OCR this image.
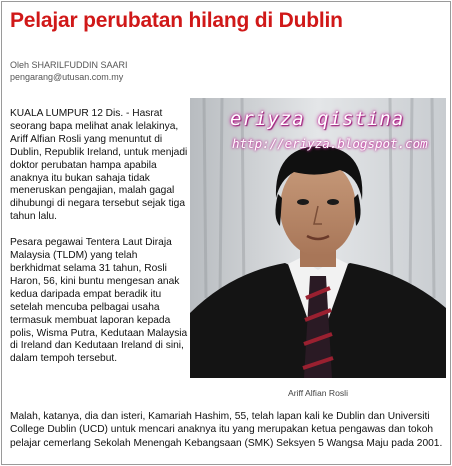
Pelajar perubatan hilang di Dublin
Oleh SHARILFUDDIN SAARI
pengarang@utusan.com.my

KUALA LUMPUR 12 Dis. - Hasrat seorang bapa melihat anak lelakinya, Ariff Alfian Rosli yang menuntut di Dublin, Republik Ireland, untuk menjadi doktor perubatan hampa apabila anaknya itu bukan sahaja tidak meneruskan pengajian, malah gagal dihubungi di negara tersebut sejak tiga tahun lalu.

Pesara pegawai Tentera Laut Diraja Malaysia (TLDM) yang telah berkhidmat selama 31 tahun, Rosli Haron, 56, kini buntu mengesan anak kedua daripada empat beradik itu setelah mencuba pelbagai usaha termasuk membuat laporan kepada polis, Wisma Putra, Kedutaan Malaysia di Ireland dan Kedutaan Ireland di sini, dalam tempoh tersebut.

eriyza qistina
http://eriyza.blogspot.com
Ariff Alfian Rosli

Malah, katanya, dia dan isteri, Kamariah Hashim, 55, telah lapan kali ke Dublin dan Universiti College Dublin (UCD) untuk mencari anaknya itu yang merupakan ketua pengawas dan tokoh pelajar cemerlang Sekolah Menengah Kebangsaan (SMK) Seksyen 5 Wangsa Maju pada 2001.
